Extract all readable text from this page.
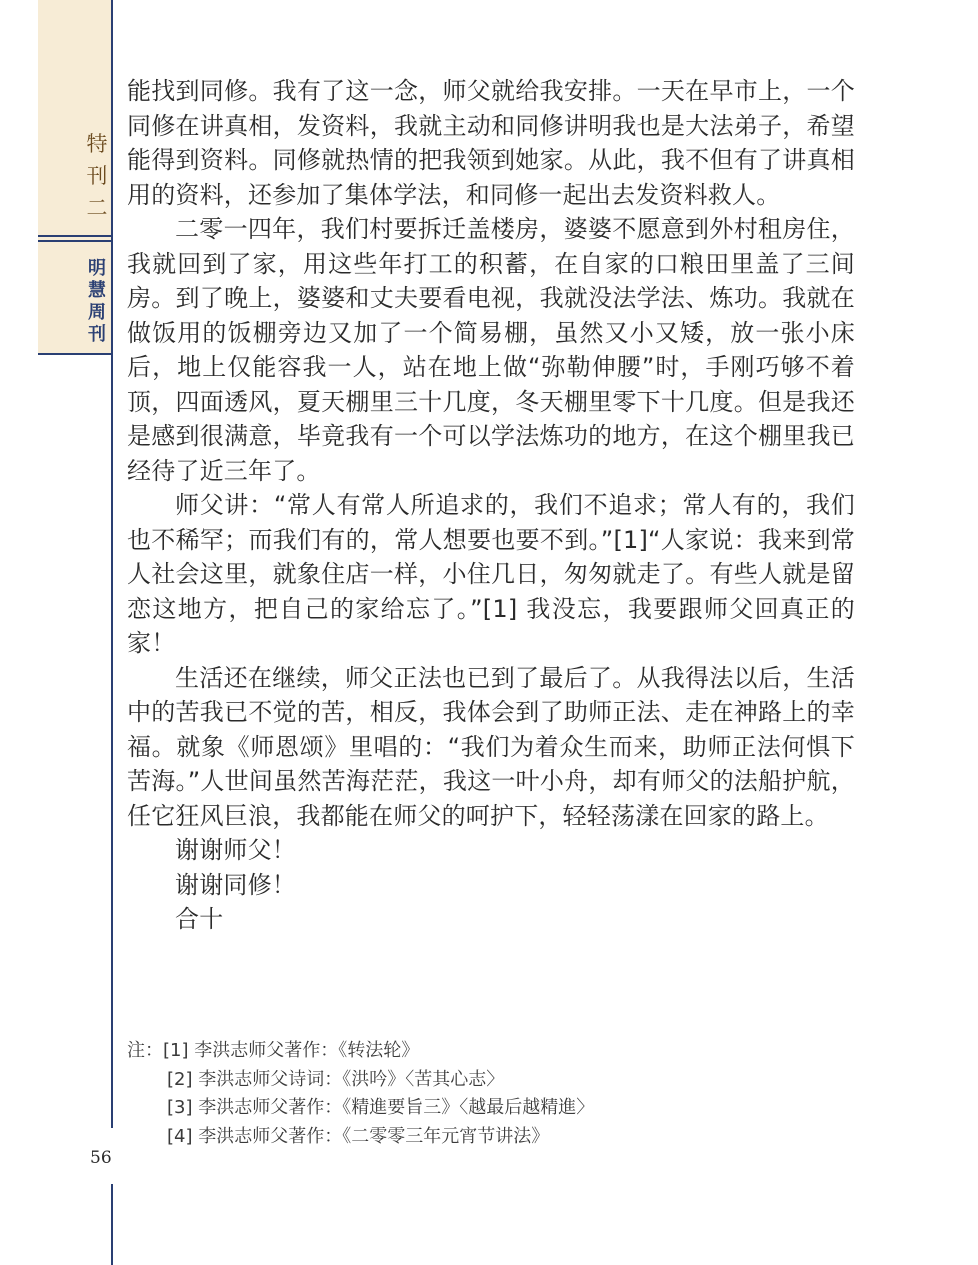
特
刊
二
明
慧
周
刊

能找到同修。我有了这一念，师父就给我安排。一天在早市上，一个同修在讲真相，发资料，我就主动和同修讲明我也是大法弟子，希望能得到资料。同修就热情的把我领到她家。从此，我不但有了讲真相用的资料，还参加了集体学法，和同修一起出去发资料救人。

二零一四年，我们村要拆迁盖楼房，婆婆不愿意到外村租房住，我就回到了家，用这些年打工的积蓄，在自家的口粮田里盖了三间房。到了晚上，婆婆和丈夫要看电视，我就没法学法、炼功。我就在做饭用的饭棚旁边又加了一个简易棚，虽然又小又矮，放一张小床后，地上仅能容我一人，站在地上做“弥勒伸腰”时，手刚巧够不着顶，四面透风，夏天棚里三十几度，冬天棚里零下十几度。但是我还是感到很满意，毕竟我有一个可以学法炼功的地方，在这个棚里我已经待了近三年了。

师父讲：“常人有常人所追求的，我们不追求；常人有的，我们也不稀罕；而我们有的，常人想要也要不到。”[1]“人家说：我来到常人社会这里，就象住店一样，小住几日，匆匆就走了。有些人就是留恋这地方，把自己的家给忘了。”[1] 我没忘，我要跟师父回真正的家！

生活还在继续，师父正法也已到了最后了。从我得法以后，生活中的苦我已不觉的苦，相反，我体会到了助师正法、走在神路上的幸福。就象《师恩颂》里唱的：“我们为着众生而来，助师正法何惧下苦海。”人世间虽然苦海茫茫，我这一叶小舟，却有师父的法船护航，任它狂风巨浪，我都能在师父的呵护下，轻轻荡漾在回家的路上。

谢谢师父！

谢谢同修！

合十

注：[1] 李洪志师父著作：《转法轮》

[2] 李洪志师父诗词：《洪吟》〈苦其心志〉

[3] 李洪志师父著作：《精進要旨三》〈越最后越精進〉

[4] 李洪志师父著作：《二零零三年元宵节讲法》

56
